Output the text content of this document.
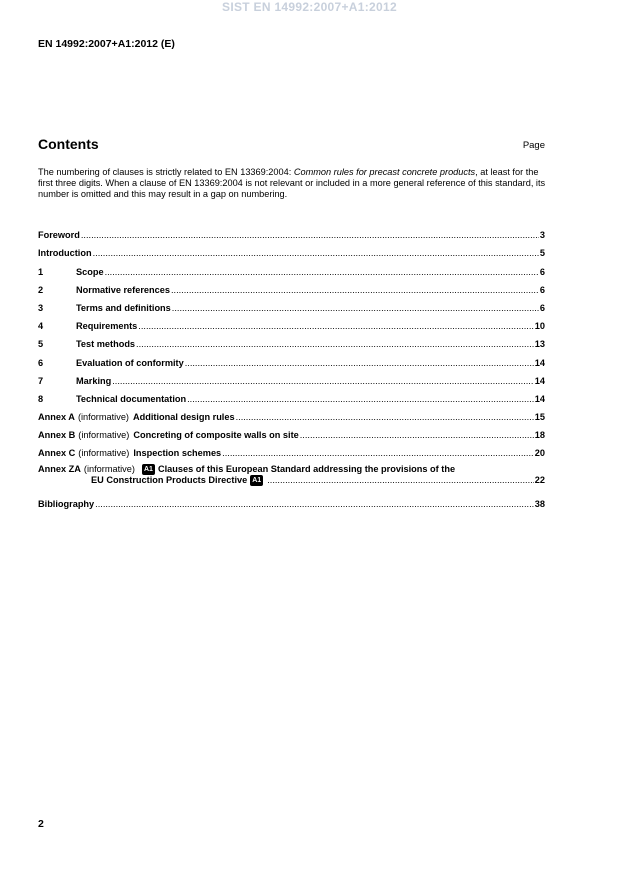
SIST EN 14992:2007+A1:2012
EN 14992:2007+A1:2012 (E)
Contents	Page
The numbering of clauses is strictly related to EN 13369:2004: Common rules for precast concrete products, at least for the first three digits. When a clause of EN 13369:2004 is not relevant or included in a more general reference of this standard, its number is omitted and this may result in a gap on numbering.
Foreword .....	3
Introduction .....	5
1	Scope .....	6
2	Normative references .....	6
3	Terms and definitions .....	6
4	Requirements .....	10
5	Test methods .....	13
6	Evaluation of conformity .....	14
7	Marking .....	14
8	Technical documentation .....	14
Annex A (informative) Additional design rules .....	15
Annex B (informative) Concreting of composite walls on site .....	18
Annex C (informative) Inspection schemes .....	20
Annex ZA (informative) A1 Clauses of this European Standard addressing the provisions of the
EU Construction Products Directive A1 .....	22
Bibliography .....	38
2
